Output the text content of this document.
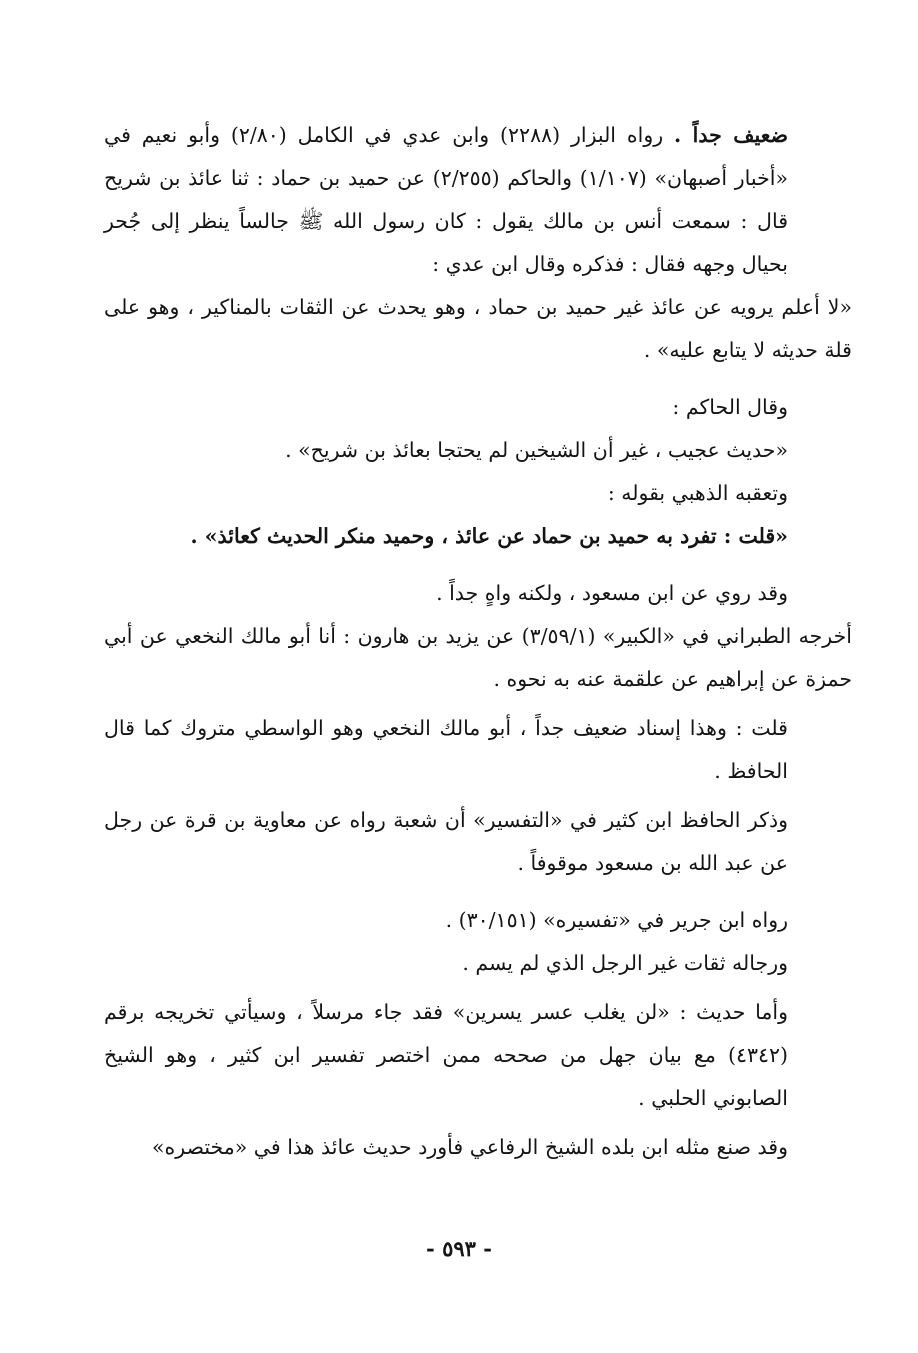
ضعيف جداً . رواه البزار (٢٢٨٨) وابن عدي في الكامل (٢/٨٠) وأبو نعيم في «أخبار أصبهان» (١/١٠٧) والحاكم (٢/٢٥٥) عن حميد بن حماد : ثنا عائذ بن شريح قال : سمعت أنس بن مالك يقول : كان رسول الله ﷺ جالساً ينظر إلى جُحر بحيال وجهه فقال : فذكره وقال ابن عدي :

«لا أعلم يرويه عن عائذ غير حميد بن حماد ، وهو يحدث عن الثقات بالمناكير ، وهو على قلة حديثه لا يتابع عليه» .

وقال الحاكم :

«حديث عجيب ، غير أن الشيخين لم يحتجا بعائذ بن شريح» .

وتعقبه الذهبي بقوله :

«قلت : تفرد به حميد بن حماد عن عائذ ، وحميد منكر الحديث كعائذ» .

وقد روي عن ابن مسعود ، ولكنه واهٍ جداً .

أخرجه الطبراني في «الكبير» (٣/٥٩/١) عن يزيد بن هارون : أنا أبو مالك النخعي عن أبي حمزة عن إبراهيم عن علقمة عنه به نحوه .

قلت : وهذا إسناد ضعيف جداً ، أبو مالك النخعي وهو الواسطي متروك كما قال الحافظ .

وذكر الحافظ ابن كثير في «التفسير» أن شعبة رواه عن معاوية بن قرة عن رجل عن عبد الله بن مسعود موقوفاً .

رواه ابن جرير في «تفسيره» (٣٠/١٥١) .

ورجاله ثقات غير الرجل الذي لم يسم .

وأما حديث : «لن يغلب عسر يسرين» فقد جاء مرسلاً ، وسيأتي تخريجه برقم (٤٣٤٢) مع بيان جهل من صححه ممن اختصر تفسير ابن كثير ، وهو الشيخ الصابوني الحلبي .

وقد صنع مثله ابن بلده الشيخ الرفاعي فأورد حديث عائذ هذا في «مختصره»

- ٥٩٣ -
